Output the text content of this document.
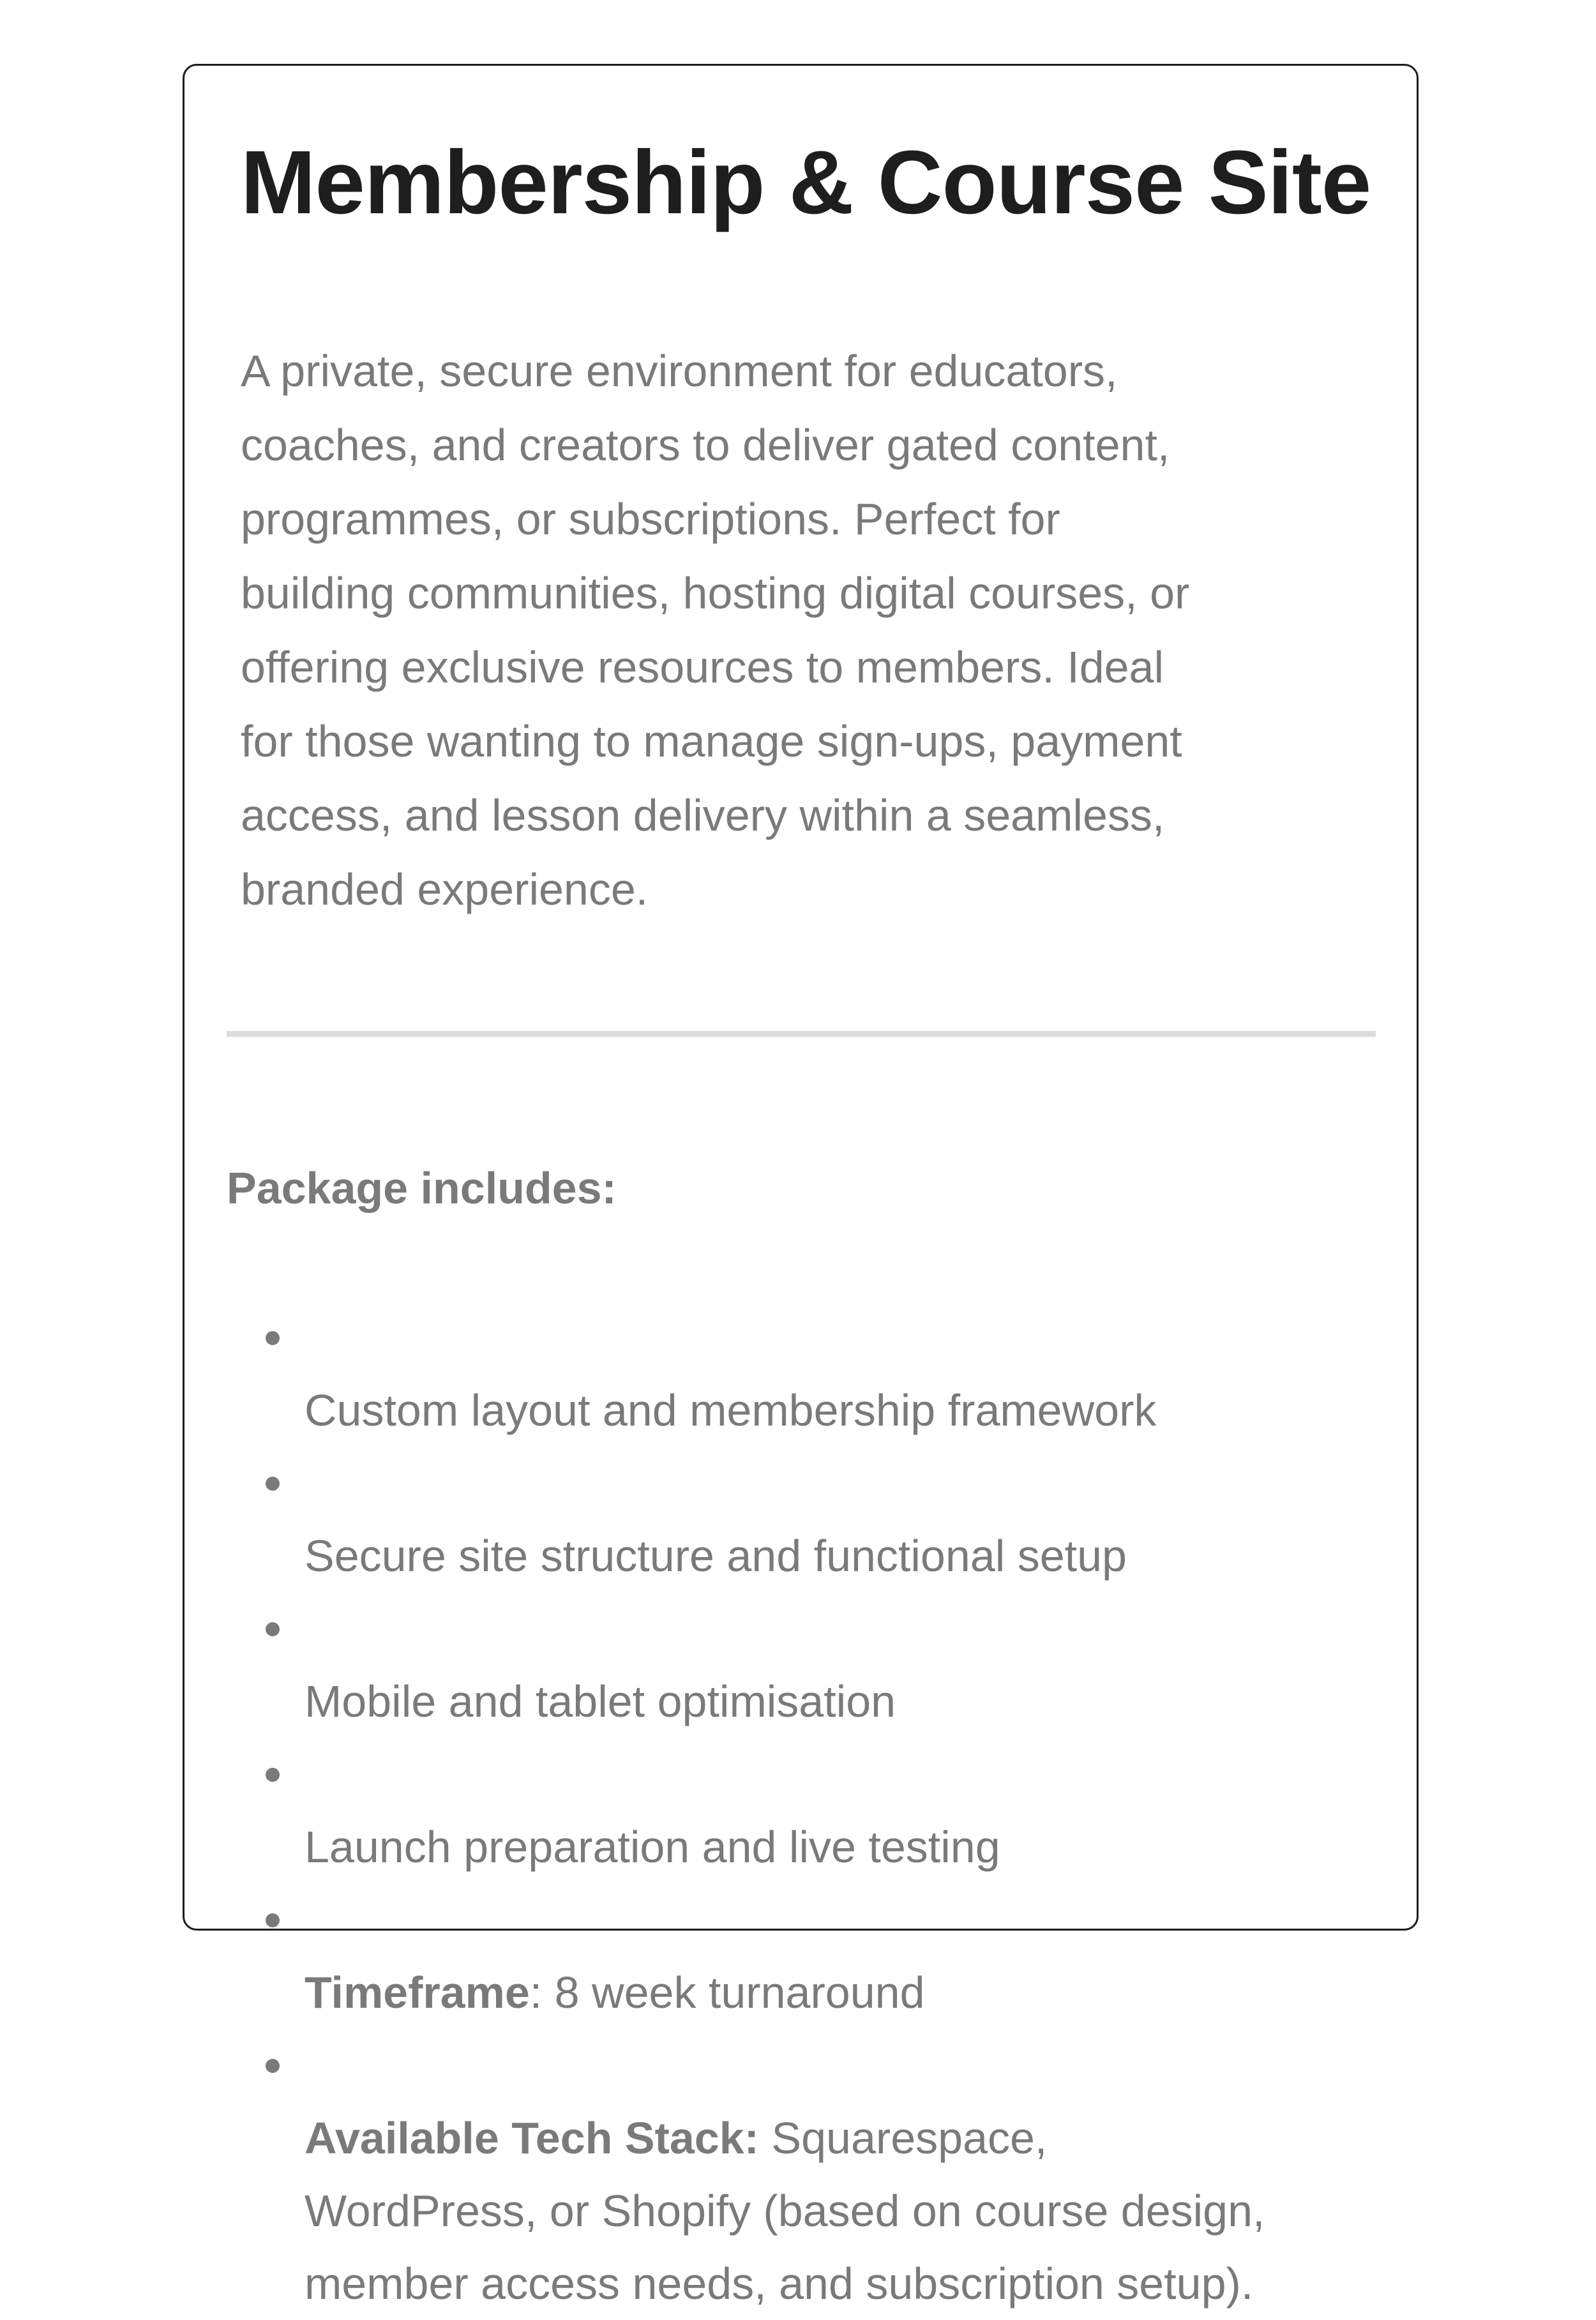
Membership & Course Site

A private, secure environment for educators,
coaches, and creators to deliver gated content,
programmes, or subscriptions. Perfect for
building communities, hosting digital courses, or
offering exclusive resources to members. Ideal
for those wanting to manage sign-ups, payment
access, and lesson delivery within a seamless,
branded experience.

Package includes:

Custom layout and membership framework

Secure site structure and functional setup

Mobile and tablet optimisation

Launch preparation and live testing

Timeframe: 8 week turnaround

Available Tech Stack: Squarespace,
WordPress, or Shopify (based on course design,
member access needs, and subscription setup).
